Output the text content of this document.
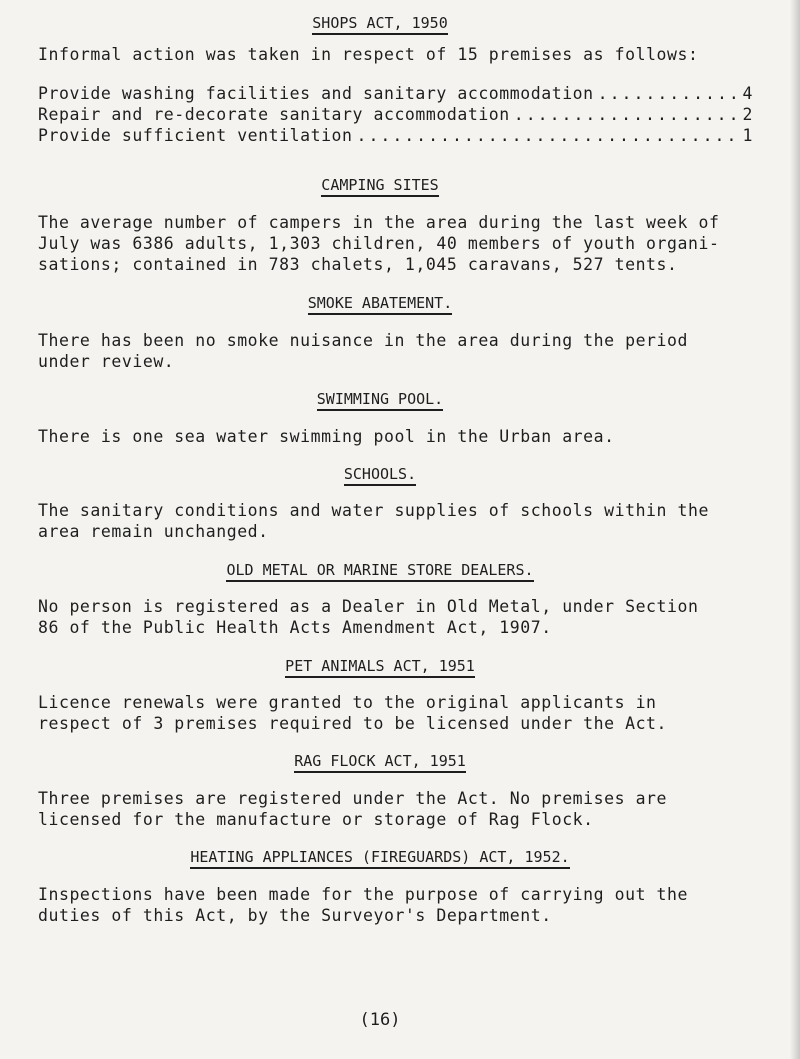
SHOPS ACT, 1950
Informal action was taken in respect of 15 premises as follows:
Provide washing facilities and sanitary accommodation .....	4
Repair and re-decorate sanitary accommodation .....	2
Provide sufficient ventilation .....	1
CAMPING SITES
The average number of campers in the area during the last week of
July was 6386 adults, 1,303 children, 40 members of youth organi-
sations; contained in 783 chalets, 1,045 caravans, 527 tents.
SMOKE ABATEMENT.
There has been no smoke nuisance in the area during the period
under review.
SWIMMING POOL.
There is one sea water swimming pool in the Urban area.
SCHOOLS.
The sanitary conditions and water supplies of schools within the
area remain unchanged.
OLD METAL OR MARINE STORE DEALERS.
No person is registered as a Dealer in Old Metal, under Section
86 of the Public Health Acts Amendment Act, 1907.
PET ANIMALS ACT, 1951
Licence renewals were granted to the original applicants in
respect of 3 premises required to be licensed under the Act.
RAG FLOCK ACT, 1951
Three premises are registered under the Act. No premises are
licensed for the manufacture or storage of Rag Flock.
HEATING APPLIANCES (FIREGUARDS) ACT, 1952.
Inspections have been made for the purpose of carrying out the
duties of this Act, by the Surveyor's Department.
(16)
